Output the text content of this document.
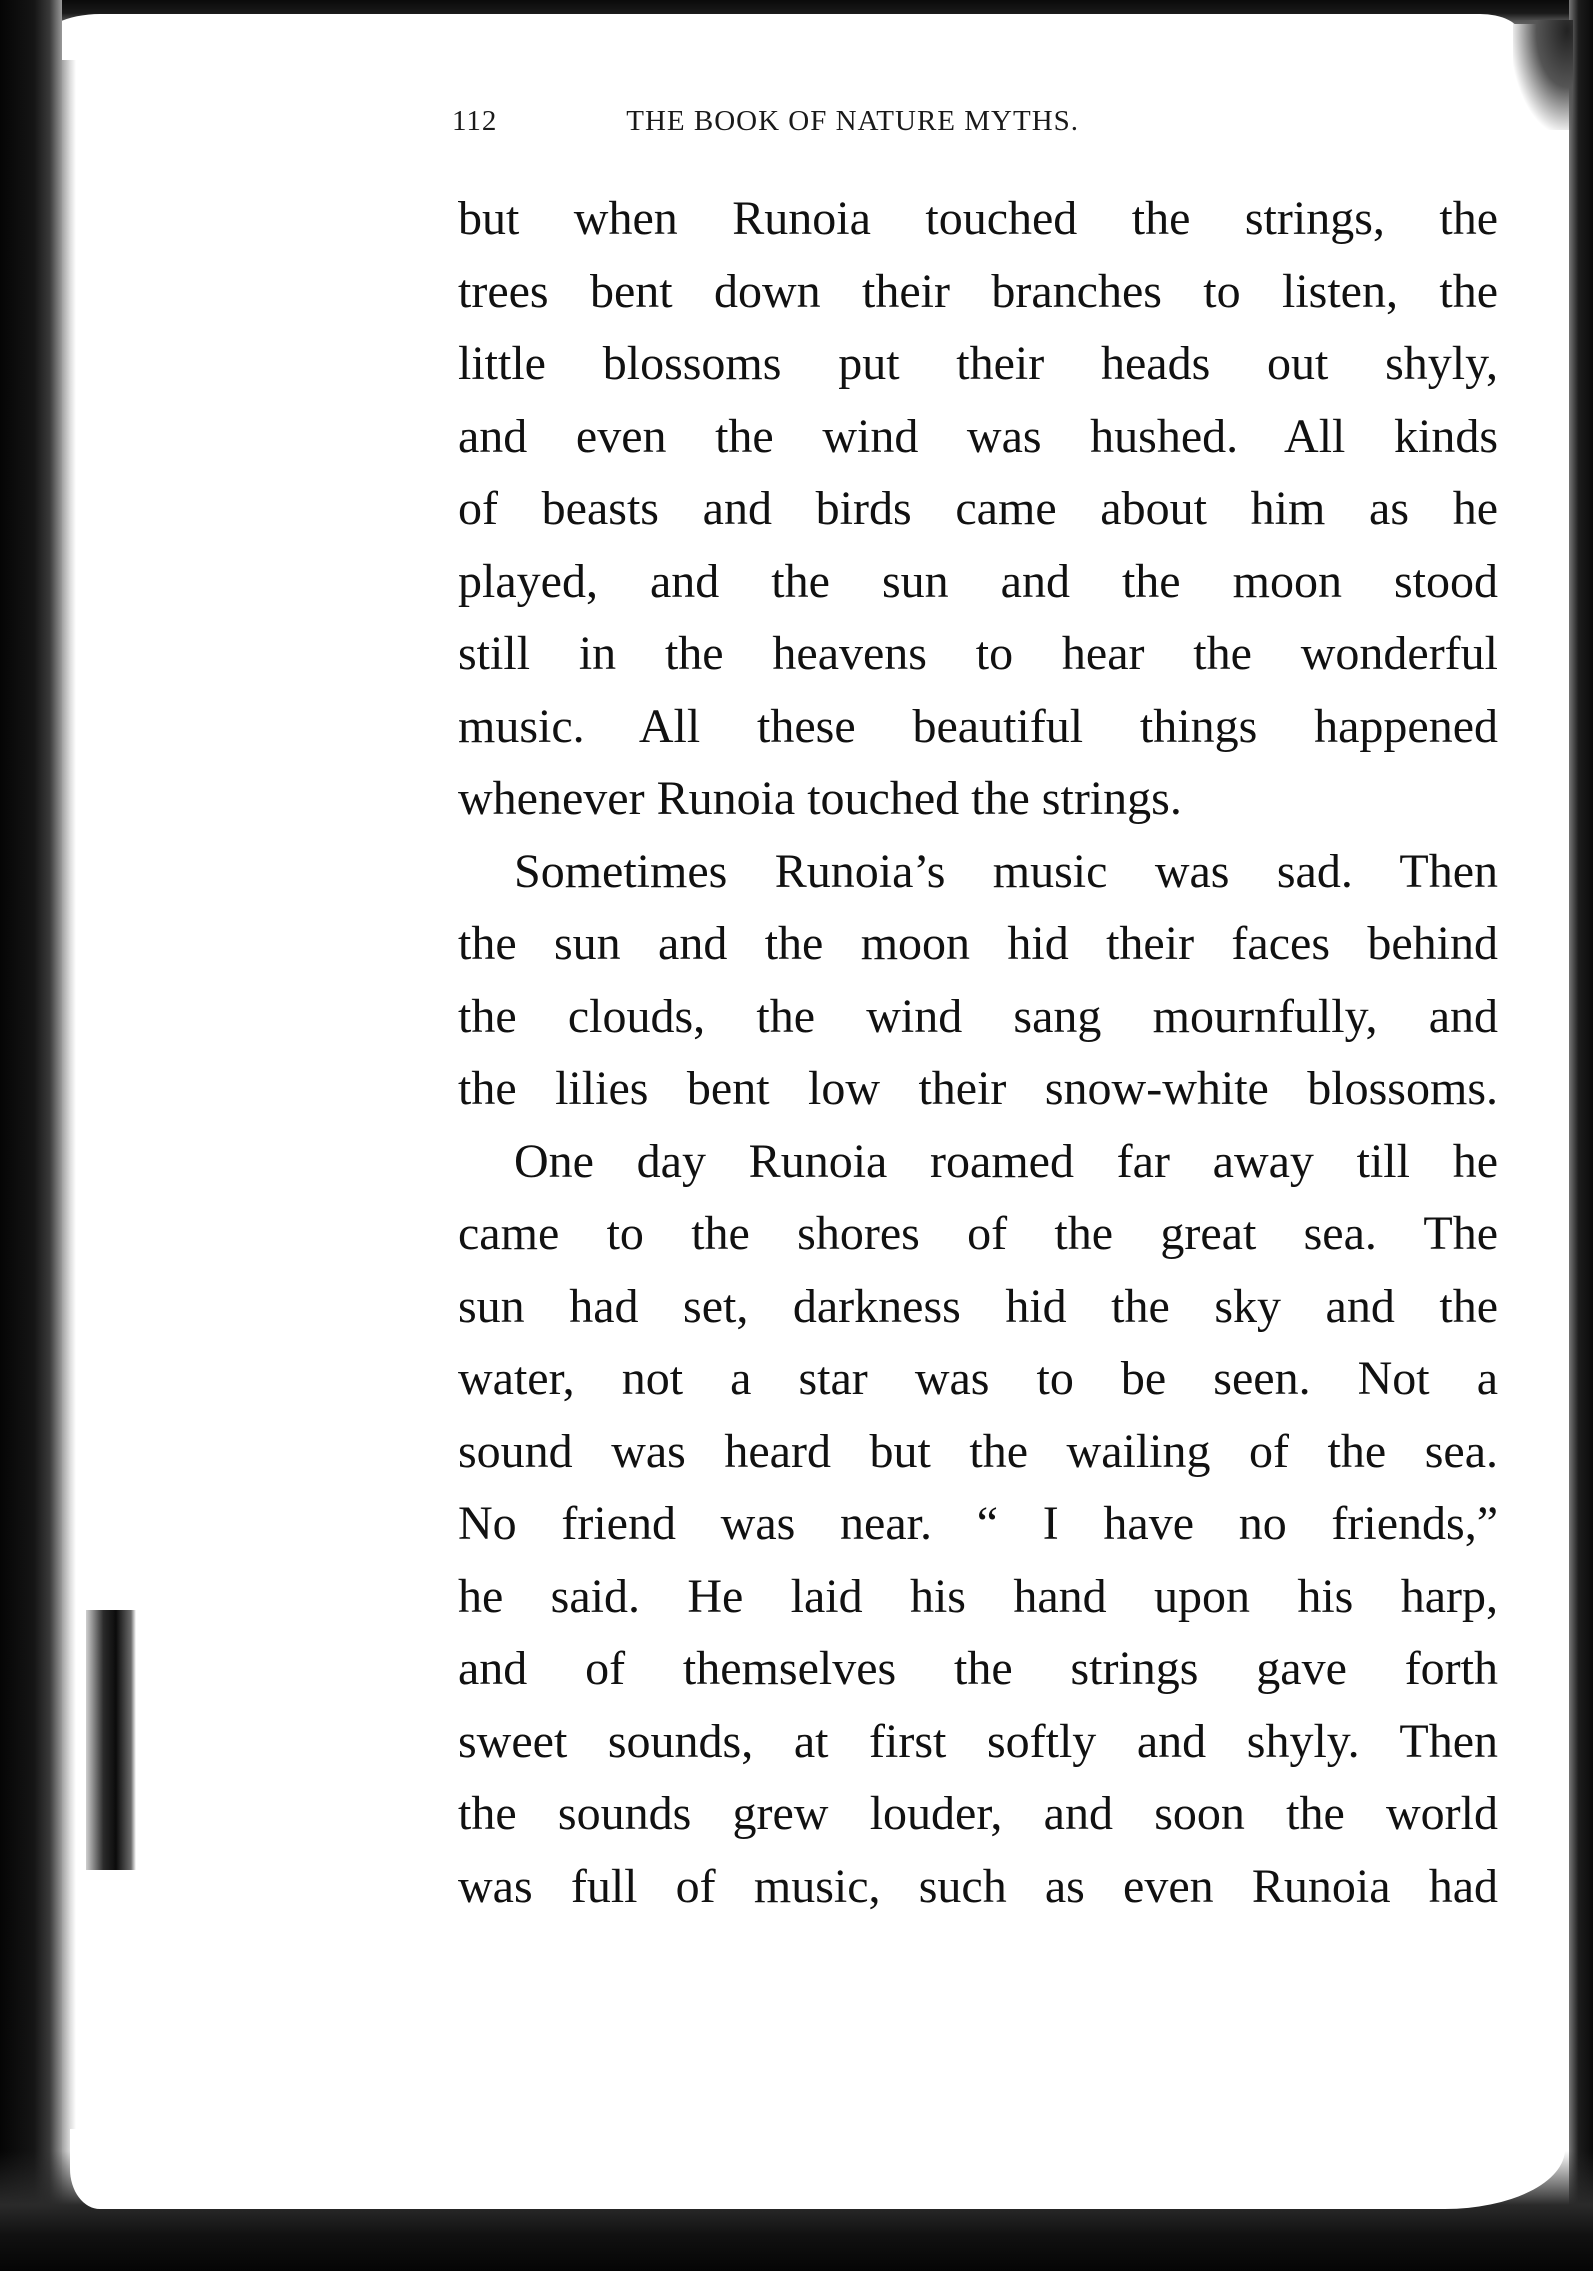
112	THE BOOK OF NATURE MYTHS.
but when Runoia touched the strings, the
trees bent down their branches to listen, the
little blossoms put their heads out shyly,
and even the wind was hushed. All kinds
of beasts and birds came about him as he
played, and the sun and the moon stood
still in the heavens to hear the wonderful
music. All these beautiful things happened
whenever Runoia touched the strings.
Sometimes Runoia’s music was sad. Then
the sun and the moon hid their faces behind
the clouds, the wind sang mournfully, and
the lilies bent low their snow-white blossoms.
One day Runoia roamed far away till he
came to the shores of the great sea. The
sun had set, darkness hid the sky and the
water, not a star was to be seen. Not a
sound was heard but the wailing of the sea.
No friend was near. “ I have no friends,”
he said. He laid his hand upon his harp,
and of themselves the strings gave forth
sweet sounds, at first softly and shyly. Then
the sounds grew louder, and soon the world
was full of music, such as even Runoia had
